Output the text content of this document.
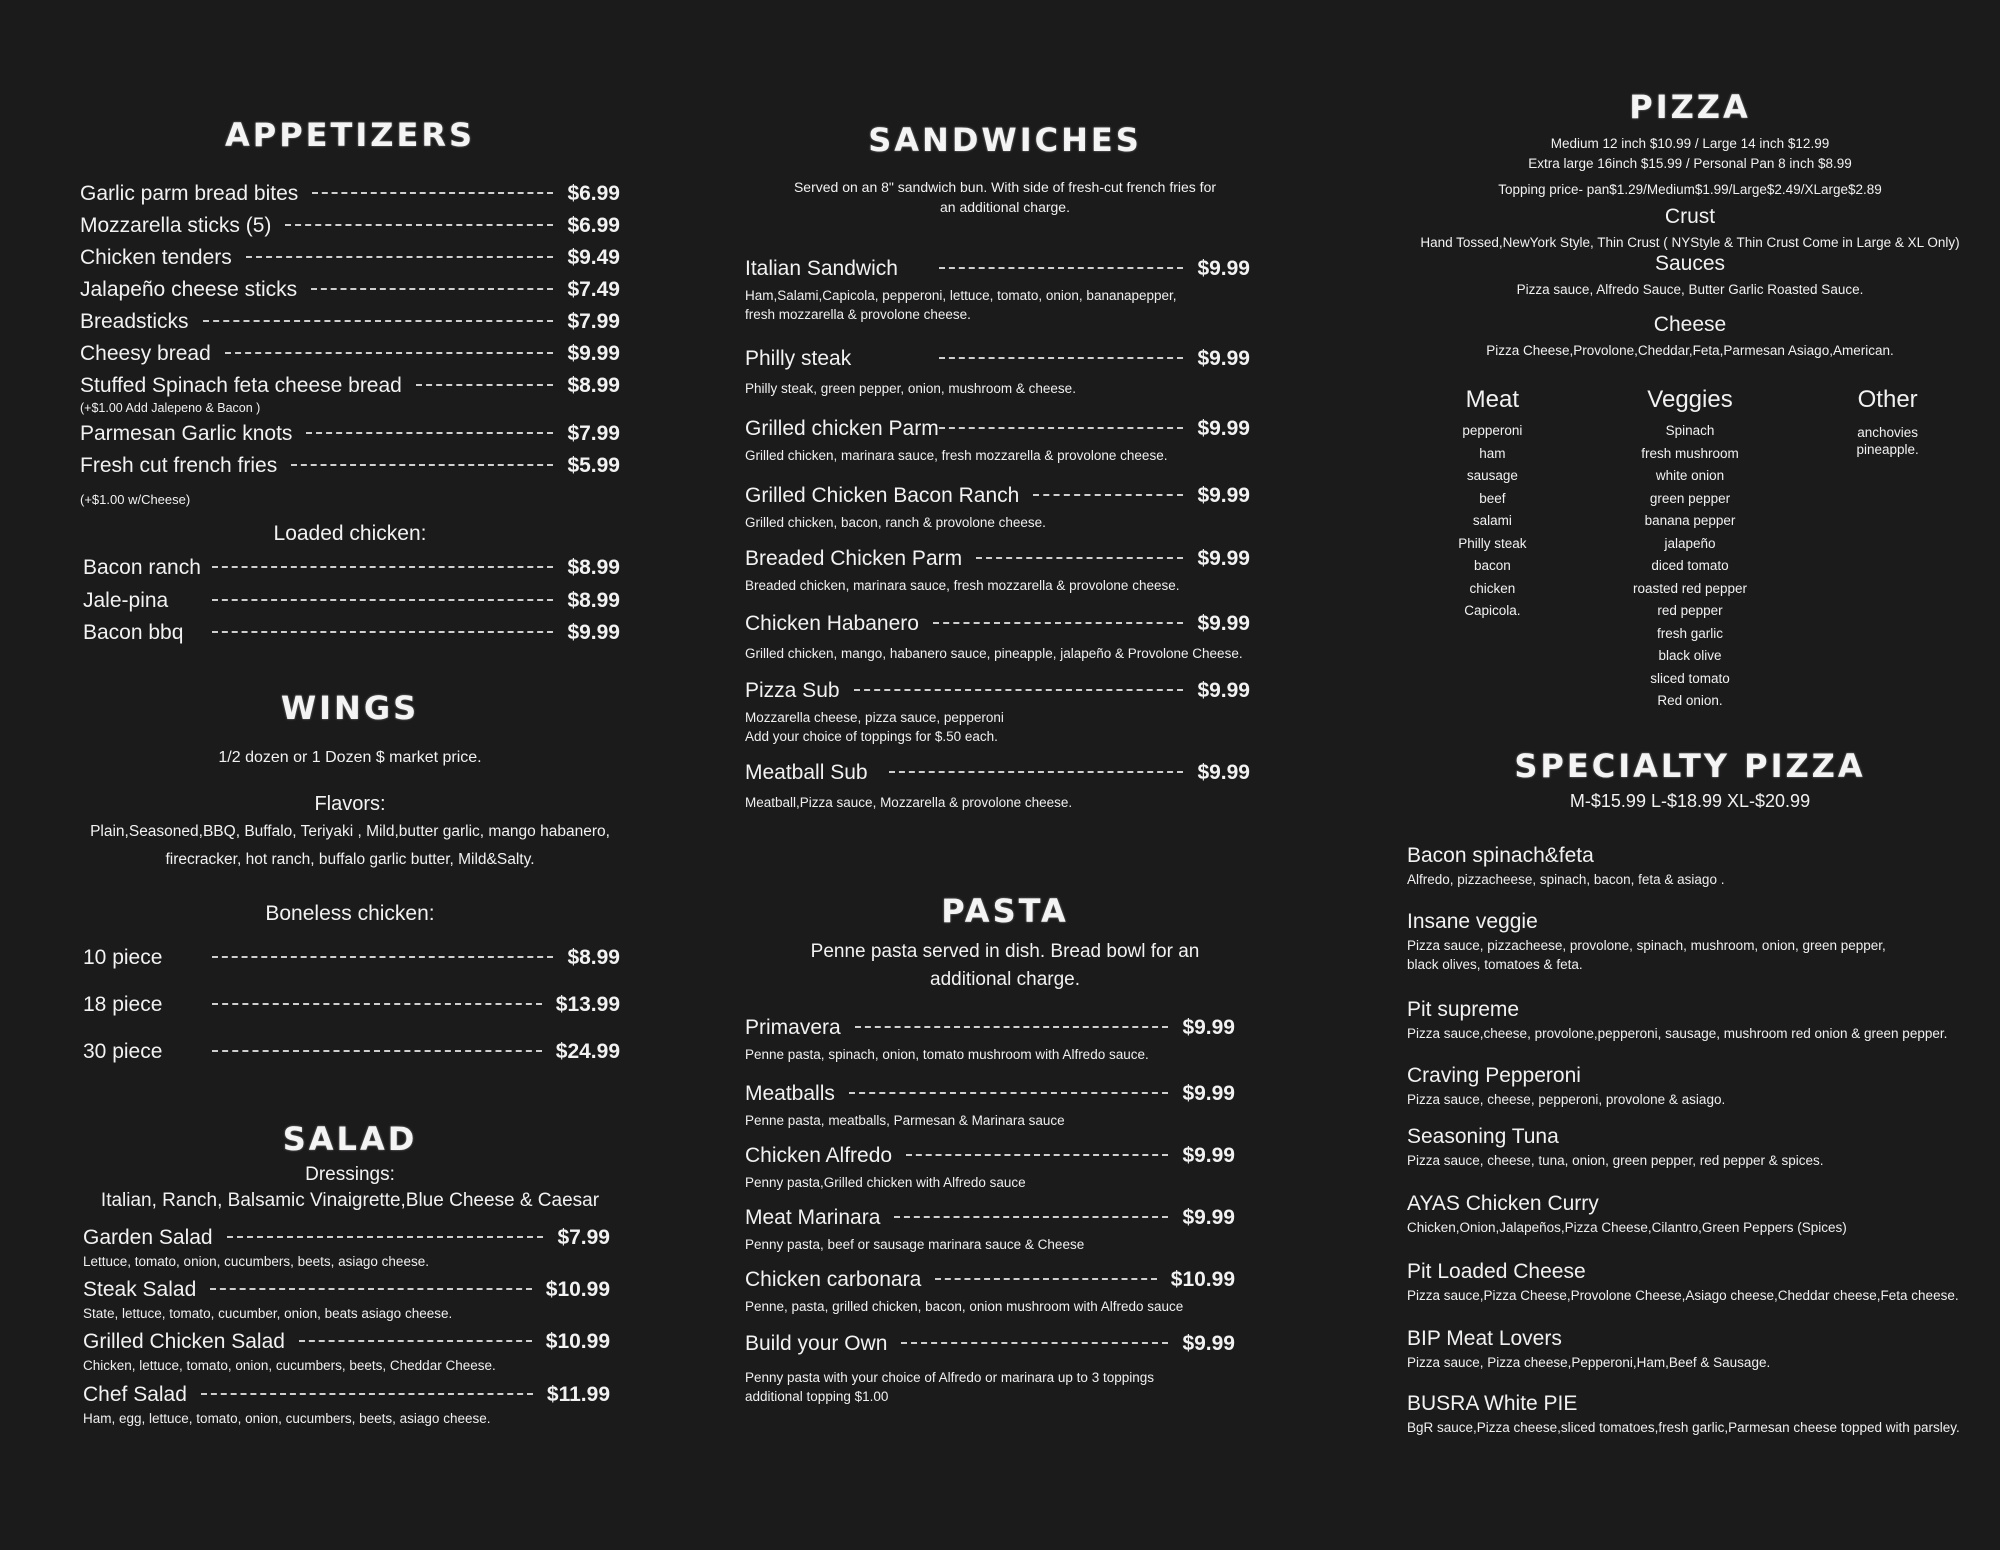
APPETIZERS
Garlic parm bread bites	$6.99
Mozzarella sticks (5)	$6.99
Chicken tenders	$9.49
Jalapeño cheese sticks	$7.49
Breadsticks	$7.99
Cheesy bread	$9.99
Stuffed Spinach feta cheese bread	$8.99
(+$1.00 Add Jalepeno & Bacon )
Parmesan Garlic knots	$7.99
Fresh cut french fries	$5.99
(+$1.00 w/Cheese)
Loaded chicken:
Bacon ranch	$8.99
Jale-pina	$8.99
Bacon bbq	$9.99
WINGS
1/2 dozen or 1 Dozen $ market price.
Flavors:
Plain,Seasoned,BBQ, Buffalo, Teriyaki , Mild,butter garlic, mango habanero,
firecracker, hot ranch, buffalo garlic butter, Mild&Salty.
Boneless chicken:
10 piece	$8.99
18 piece	$13.99
30 piece	$24.99
SALAD
Dressings:
Italian, Ranch, Balsamic Vinaigrette,Blue Cheese & Caesar
Garden Salad	$7.99
Lettuce, tomato, onion, cucumbers, beets, asiago cheese.
Steak Salad	$10.99
State, lettuce, tomato, cucumber, onion, beats asiago cheese.
Grilled Chicken Salad	$10.99
Chicken, lettuce, tomato, onion, cucumbers, beets, Cheddar Cheese.
Chef Salad	$11.99
Ham, egg, lettuce, tomato, onion, cucumbers, beets, asiago cheese.
SANDWICHES
Served on an 8" sandwich bun. With side of fresh-cut french fries for
an additional charge.
Italian Sandwich	$9.99
Ham,Salami,Capicola, pepperoni, lettuce, tomato, onion, bananapepper,
fresh mozzarella & provolone cheese.
Philly steak	$9.99
Philly steak, green pepper, onion, mushroom & cheese.
Grilled chicken Parm	$9.99
Grilled chicken, marinara sauce, fresh mozzarella & provolone cheese.
Grilled Chicken Bacon Ranch	$9.99
Grilled chicken, bacon, ranch & provolone cheese.
Breaded Chicken Parm	$9.99
Breaded chicken, marinara sauce, fresh mozzarella & provolone cheese.
Chicken Habanero	$9.99
Grilled chicken, mango, habanero sauce, pineapple, jalapeño & Provolone Cheese.
Pizza Sub	$9.99
Mozzarella cheese, pizza sauce, pepperoni
Add your choice of toppings for $.50 each.
Meatball Sub	$9.99
Meatball,Pizza sauce, Mozzarella & provolone cheese.
PASTA
Penne pasta served in dish. Bread bowl for an
additional charge.
Primavera	$9.99
Penne pasta, spinach, onion, tomato mushroom with Alfredo sauce.
Meatballs	$9.99
Penne pasta, meatballs, Parmesan & Marinara sauce
Chicken Alfredo	$9.99
Penny pasta,Grilled chicken with Alfredo sauce
Meat Marinara	$9.99
Penny pasta, beef or sausage marinara sauce & Cheese
Chicken carbonara	$10.99
Penne, pasta, grilled chicken, bacon, onion mushroom with Alfredo sauce
Build your Own	$9.99
Penny pasta with your choice of Alfredo or marinara up to 3 toppings
additional topping $1.00
PIZZA
Medium 12 inch $10.99 / Large 14 inch $12.99
Extra large 16inch $15.99 / Personal Pan 8 inch $8.99
Topping price- pan$1.29/Medium$1.99/Large$2.49/XLarge$2.89
Crust
Hand Tossed,NewYork Style, Thin Crust ( NYStyle & Thin Crust Come in Large & XL Only)
Sauces
Pizza sauce, Alfredo Sauce, Butter Garlic Roasted Sauce.
Cheese
Pizza Cheese,Provolone,Cheddar,Feta,Parmesan Asiago,American.
Meat
pepperoni
ham
sausage
beef
salami
Philly steak
bacon
chicken
Capicola.
Veggies
Spinach
fresh mushroom
white onion
green pepper
banana pepper
jalapeño
diced tomato
roasted red pepper
red pepper
fresh garlic
black olive
sliced tomato
Red onion.
Other
anchovies
pineapple.
SPECIALTY PIZZA
M-$15.99 L-$18.99 XL-$20.99
Bacon spinach&feta
Alfredo, pizzacheese, spinach, bacon, feta & asiago .
Insane veggie
Pizza sauce, pizzacheese, provolone, spinach, mushroom, onion, green pepper,
black olives, tomatoes & feta.
Pit supreme
Pizza sauce,cheese, provolone,pepperoni, sausage, mushroom red onion & green pepper.
Craving Pepperoni
Pizza sauce, cheese, pepperoni, provolone & asiago.
Seasoning Tuna
Pizza sauce, cheese, tuna, onion, green pepper, red pepper & spices.
AYAS Chicken Curry
Chicken,Onion,Jalapeños,Pizza Cheese,Cilantro,Green Peppers (Spices)
Pit Loaded Cheese
Pizza sauce,Pizza Cheese,Provolone Cheese,Asiago cheese,Cheddar cheese,Feta cheese.
BIP Meat Lovers
Pizza sauce, Pizza cheese,Pepperoni,Ham,Beef & Sausage.
BUSRA White PIE
BgR sauce,Pizza cheese,sliced tomatoes,fresh garlic,Parmesan cheese topped with parsley.
